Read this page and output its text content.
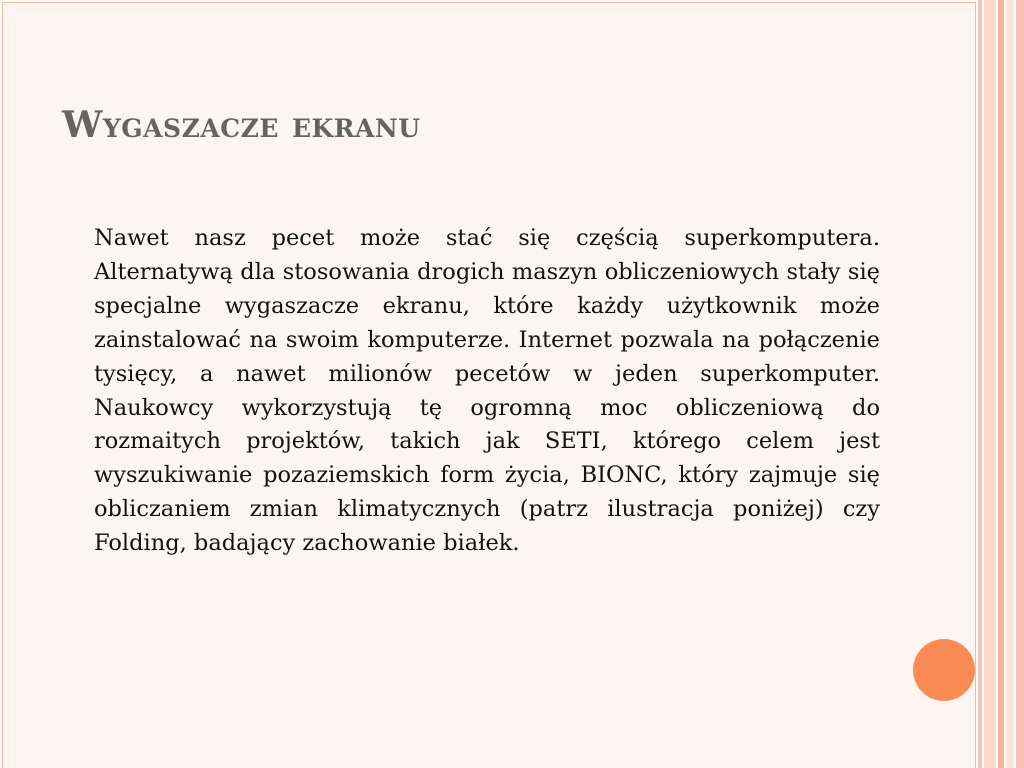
Wygaszacze ekranu

Nawet nasz pecet może stać się częścią superkomputera. Alternatywą dla stosowania drogich maszyn obliczeniowych stały się specjalne wygaszacze ekranu, które każdy użytkownik może zainstalować na swoim komputerze. Internet pozwala na połączenie tysięcy, a nawet milionów pecetów w jeden superkomputer. Naukowcy wykorzystują tę ogromną moc obliczeniową do rozmaitych projektów, takich jak SETI, którego celem jest wyszukiwanie pozaziemskich form życia, BIONC, który zajmuje się obliczaniem zmian klimatycznych (patrz ilustracja poniżej) czy Folding, badający zachowanie białek.
